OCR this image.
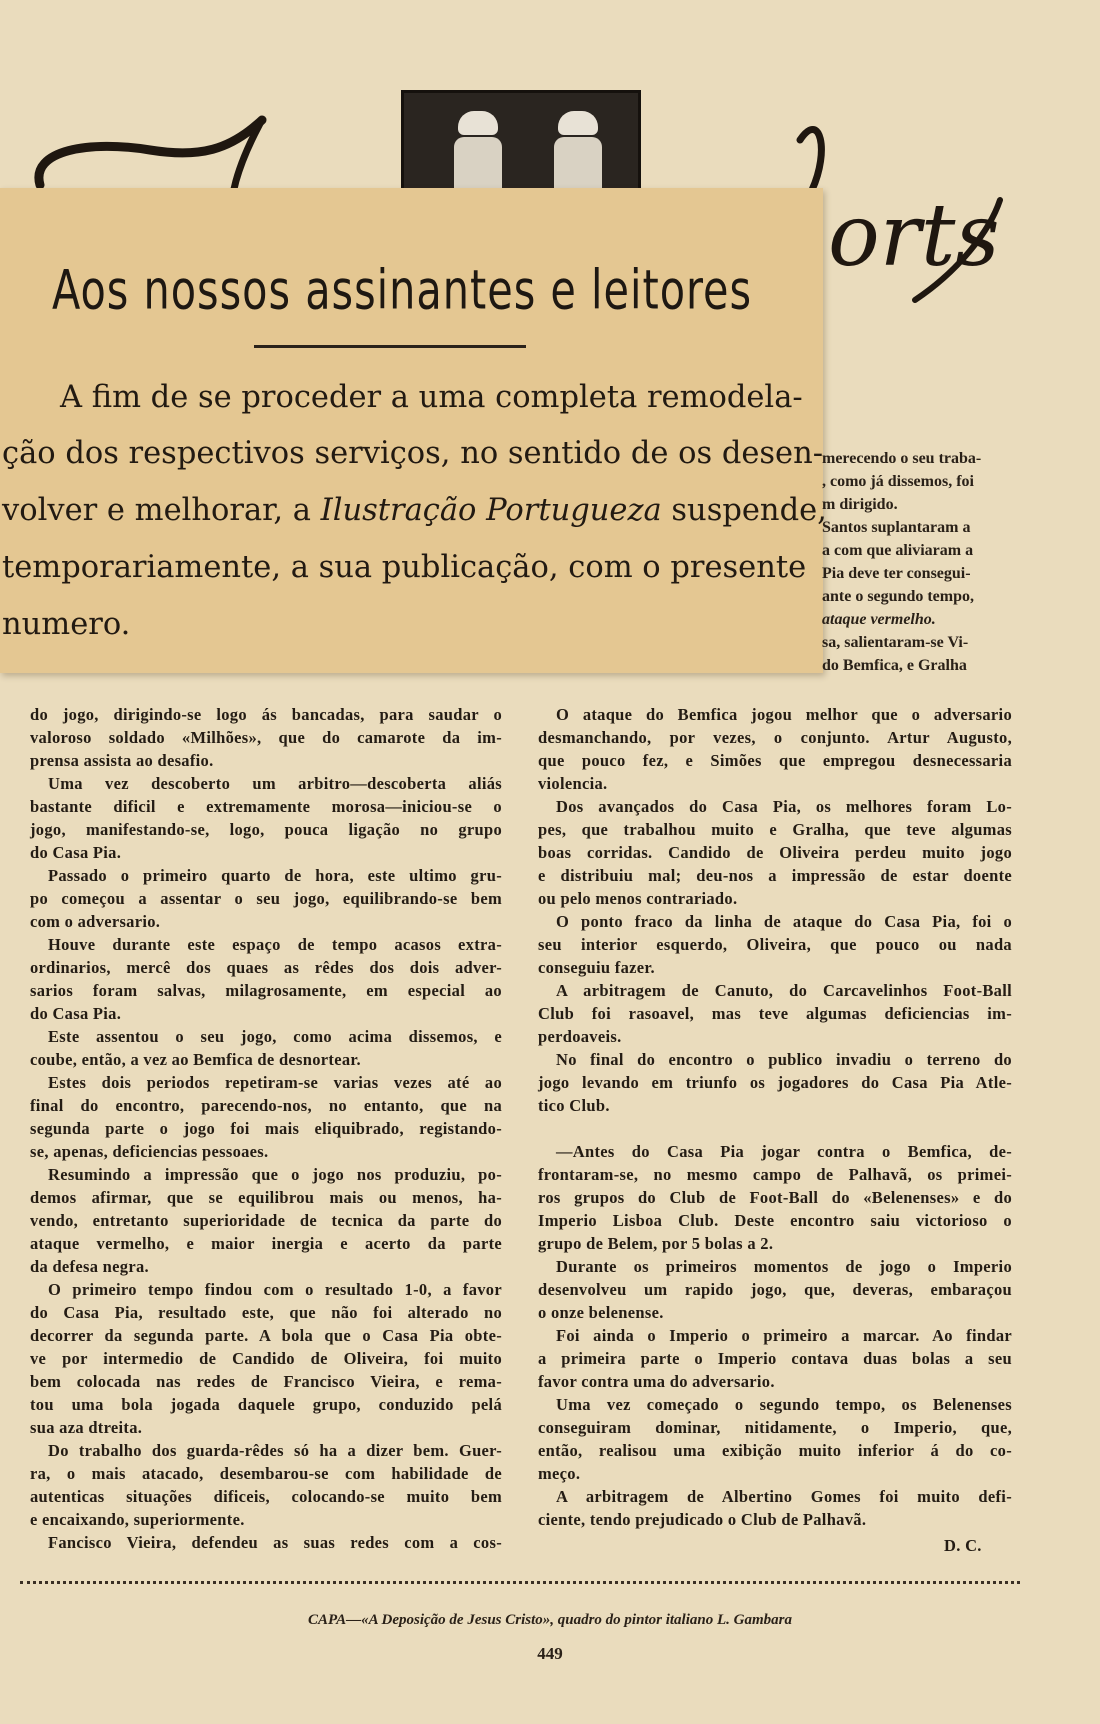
orts
Aos nossos assinantes e leitores
A fim de se proceder a uma completa remodela-
ção dos respectivos serviços, no sentido de os desen-
volver e melhorar, a Ilustração Portugueza suspende,
temporariamente, a sua publicação, com o presente
numero.
merecendo o seu traba-
, como já dissemos, foi
m dirigido.
Santos suplantaram a
a com que aliviaram a
Pia deve ter consegui-
ante o segundo tempo,
ataque vermelho.
sa, salientaram-se Vi-
do Bemfica, e Gralha
do jogo, dirigindo-se logo ás bancadas, para saudar o
valoroso soldado «Milhões», que do camarote da im-
prensa assista ao desafio.
Uma vez descoberto um arbitro—descoberta aliás
bastante dificil e extremamente morosa—iniciou-se o
jogo, manifestando-se, logo, pouca ligação no grupo
do Casa Pia.
Passado o primeiro quarto de hora, este ultimo gru-
po começou a assentar o seu jogo, equilibrando-se bem
com o adversario.
Houve durante este espaço de tempo acasos extra-
ordinarios, mercê dos quaes as rêdes dos dois adver-
sarios foram salvas, milagrosamente, em especial ao
do Casa Pia.
Este assentou o seu jogo, como acima dissemos, e
coube, então, a vez ao Bemfica de desnortear.
Estes dois periodos repetiram-se varias vezes até ao
final do encontro, parecendo-nos, no entanto, que na
segunda parte o jogo foi mais eliquibrado, registando-
se, apenas, deficiencias pessoaes.
Resumindo a impressão que o jogo nos produziu, po-
demos afirmar, que se equilibrou mais ou menos, ha-
vendo, entretanto superioridade de tecnica da parte do
ataque vermelho, e maior inergia e acerto da parte
da defesa negra.
O primeiro tempo findou com o resultado 1-0, a favor
do Casa Pia, resultado este, que não foi alterado no
decorrer da segunda parte. A bola que o Casa Pia obte-
ve por intermedio de Candido de Oliveira, foi muito
bem colocada nas redes de Francisco Vieira, e rema-
tou uma bola jogada daquele grupo, conduzido pelá
sua aza dtreita.
Do trabalho dos guarda-rêdes só ha a dizer bem. Guer-
ra, o mais atacado, desembarou-se com habilidade de
autenticas situações dificeis, colocando-se muito bem
e encaixando, superiormente.
Fancisco Vieira, defendeu as suas redes com a cos-
O ataque do Bemfica jogou melhor que o adversario
desmanchando, por vezes, o conjunto. Artur Augusto,
que pouco fez, e Simões que empregou desnecessaria
violencia.
Dos avançados do Casa Pia, os melhores foram Lo-
pes, que trabalhou muito e Gralha, que teve algumas
boas corridas. Candido de Oliveira perdeu muito jogo
e distribuiu mal; deu-nos a impressão de estar doente
ou pelo menos contrariado.
O ponto fraco da linha de ataque do Casa Pia, foi o
seu interior esquerdo, Oliveira, que pouco ou nada
conseguiu fazer.
A arbitragem de Canuto, do Carcavelinhos Foot-Ball
Club foi rasoavel, mas teve algumas deficiencias im-
perdoaveis.
No final do encontro o publico invadiu o terreno do
jogo levando em triunfo os jogadores do Casa Pia Atle-
tico Club.
—Antes do Casa Pia jogar contra o Bemfica, de-
frontaram-se, no mesmo campo de Palhavã, os primei-
ros grupos do Club de Foot-Ball do «Belenenses» e do
Imperio Lisboa Club. Deste encontro saiu victorioso o
grupo de Belem, por 5 bolas a 2.
Durante os primeiros momentos de jogo o Imperio
desenvolveu um rapido jogo, que, deveras, embaraçou
o onze belenense.
Foi ainda o Imperio o primeiro a marcar. Ao findar
a primeira parte o Imperio contava duas bolas a seu
favor contra uma do adversario.
Uma vez começado o segundo tempo, os Belenenses
conseguiram dominar, nitidamente, o Imperio, que,
então, realisou uma exibição muito inferior á do co-
meço.
A arbitragem de Albertino Gomes foi muito defi-
ciente, tendo prejudicado o Club de Palhavã.
D. C.
CAPA—«A Deposição de Jesus Cristo», quadro do pintor italiano L. Gambara
449
